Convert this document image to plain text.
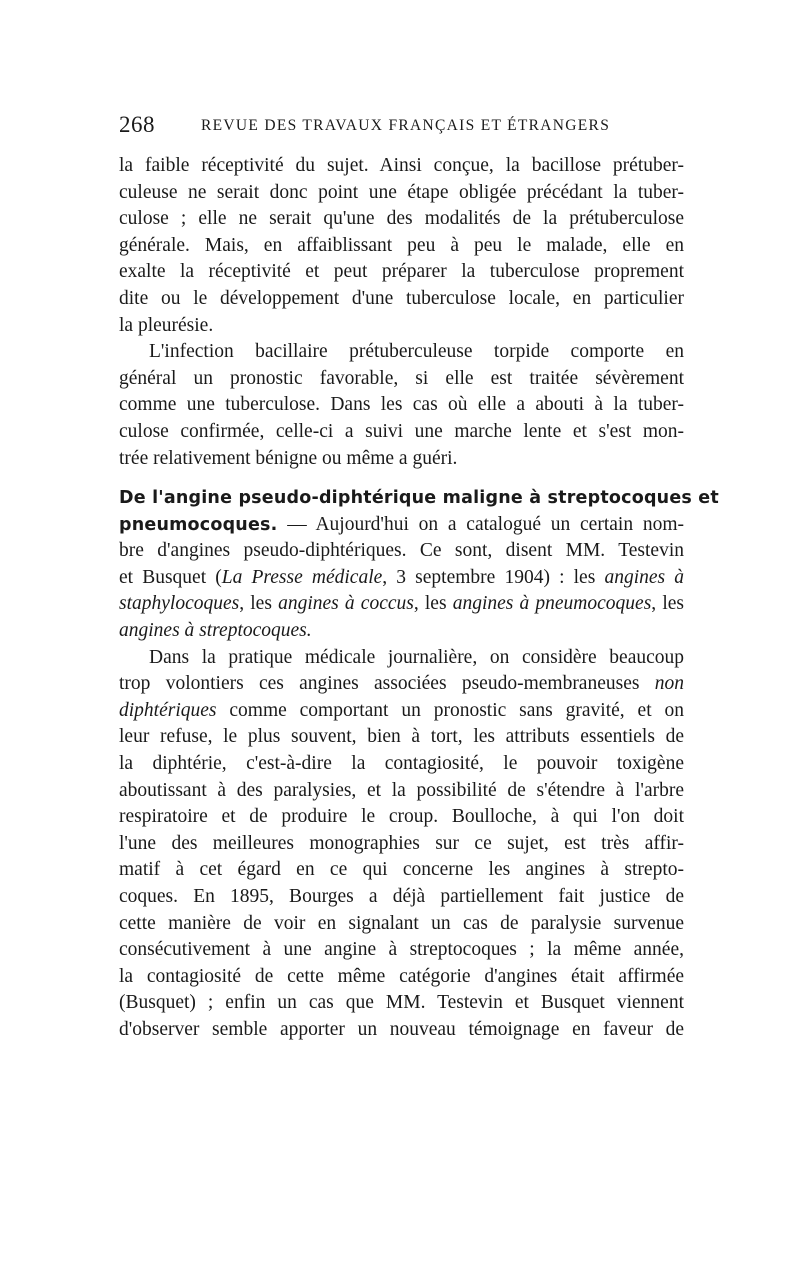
268	REVUE DES TRAVAUX FRANÇAIS ET ÉTRANGERS
la faible réceptivité du sujet. Ainsi conçue, la bacillose prétuber-
culeuse ne serait donc point une étape obligée précédant la tuber-
culose ; elle ne serait qu'une des modalités de la prétuberculose
générale. Mais, en affaiblissant peu à peu le malade, elle en
exalte la réceptivité et peut préparer la tuberculose proprement
dite ou le développement d'une tuberculose locale, en particulier
la pleurésie.
L'infection bacillaire prétuberculeuse torpide comporte en
général un pronostic favorable, si elle est traitée sévèrement
comme une tuberculose. Dans les cas où elle a abouti à la tuber-
culose confirmée, celle-ci a suivi une marche lente et s'est mon-
trée relativement bénigne ou même a guéri.
De l'angine pseudo-diphtérique maligne à streptocoques et
pneumocoques. — Aujourd'hui on a catalogué un certain nom-
bre d'angines pseudo-diphtériques. Ce sont, disent MM. Testevin
et Busquet (La Presse médicale, 3 septembre 1904) : les angines à
staphylocoques, les angines à coccus, les angines à pneumocoques, les
angines à streptocoques.
Dans la pratique médicale journalière, on considère beaucoup
trop volontiers ces angines associées pseudo-membraneuses non
diphtériques comme comportant un pronostic sans gravité, et on
leur refuse, le plus souvent, bien à tort, les attributs essentiels de
la diphtérie, c'est-à-dire la contagiosité, le pouvoir toxigène
aboutissant à des paralysies, et la possibilité de s'étendre à l'arbre
respiratoire et de produire le croup. Boulloche, à qui l'on doit
l'une des meilleures monographies sur ce sujet, est très affir-
matif à cet égard en ce qui concerne les angines à strepto-
coques. En 1895, Bourges a déjà partiellement fait justice de
cette manière de voir en signalant un cas de paralysie survenue
consécutivement à une angine à streptocoques ; la même année,
la contagiosité de cette même catégorie d'angines était affirmée
(Busquet) ; enfin un cas que MM. Testevin et Busquet viennent
d'observer semble apporter un nouveau témoignage en faveur de
